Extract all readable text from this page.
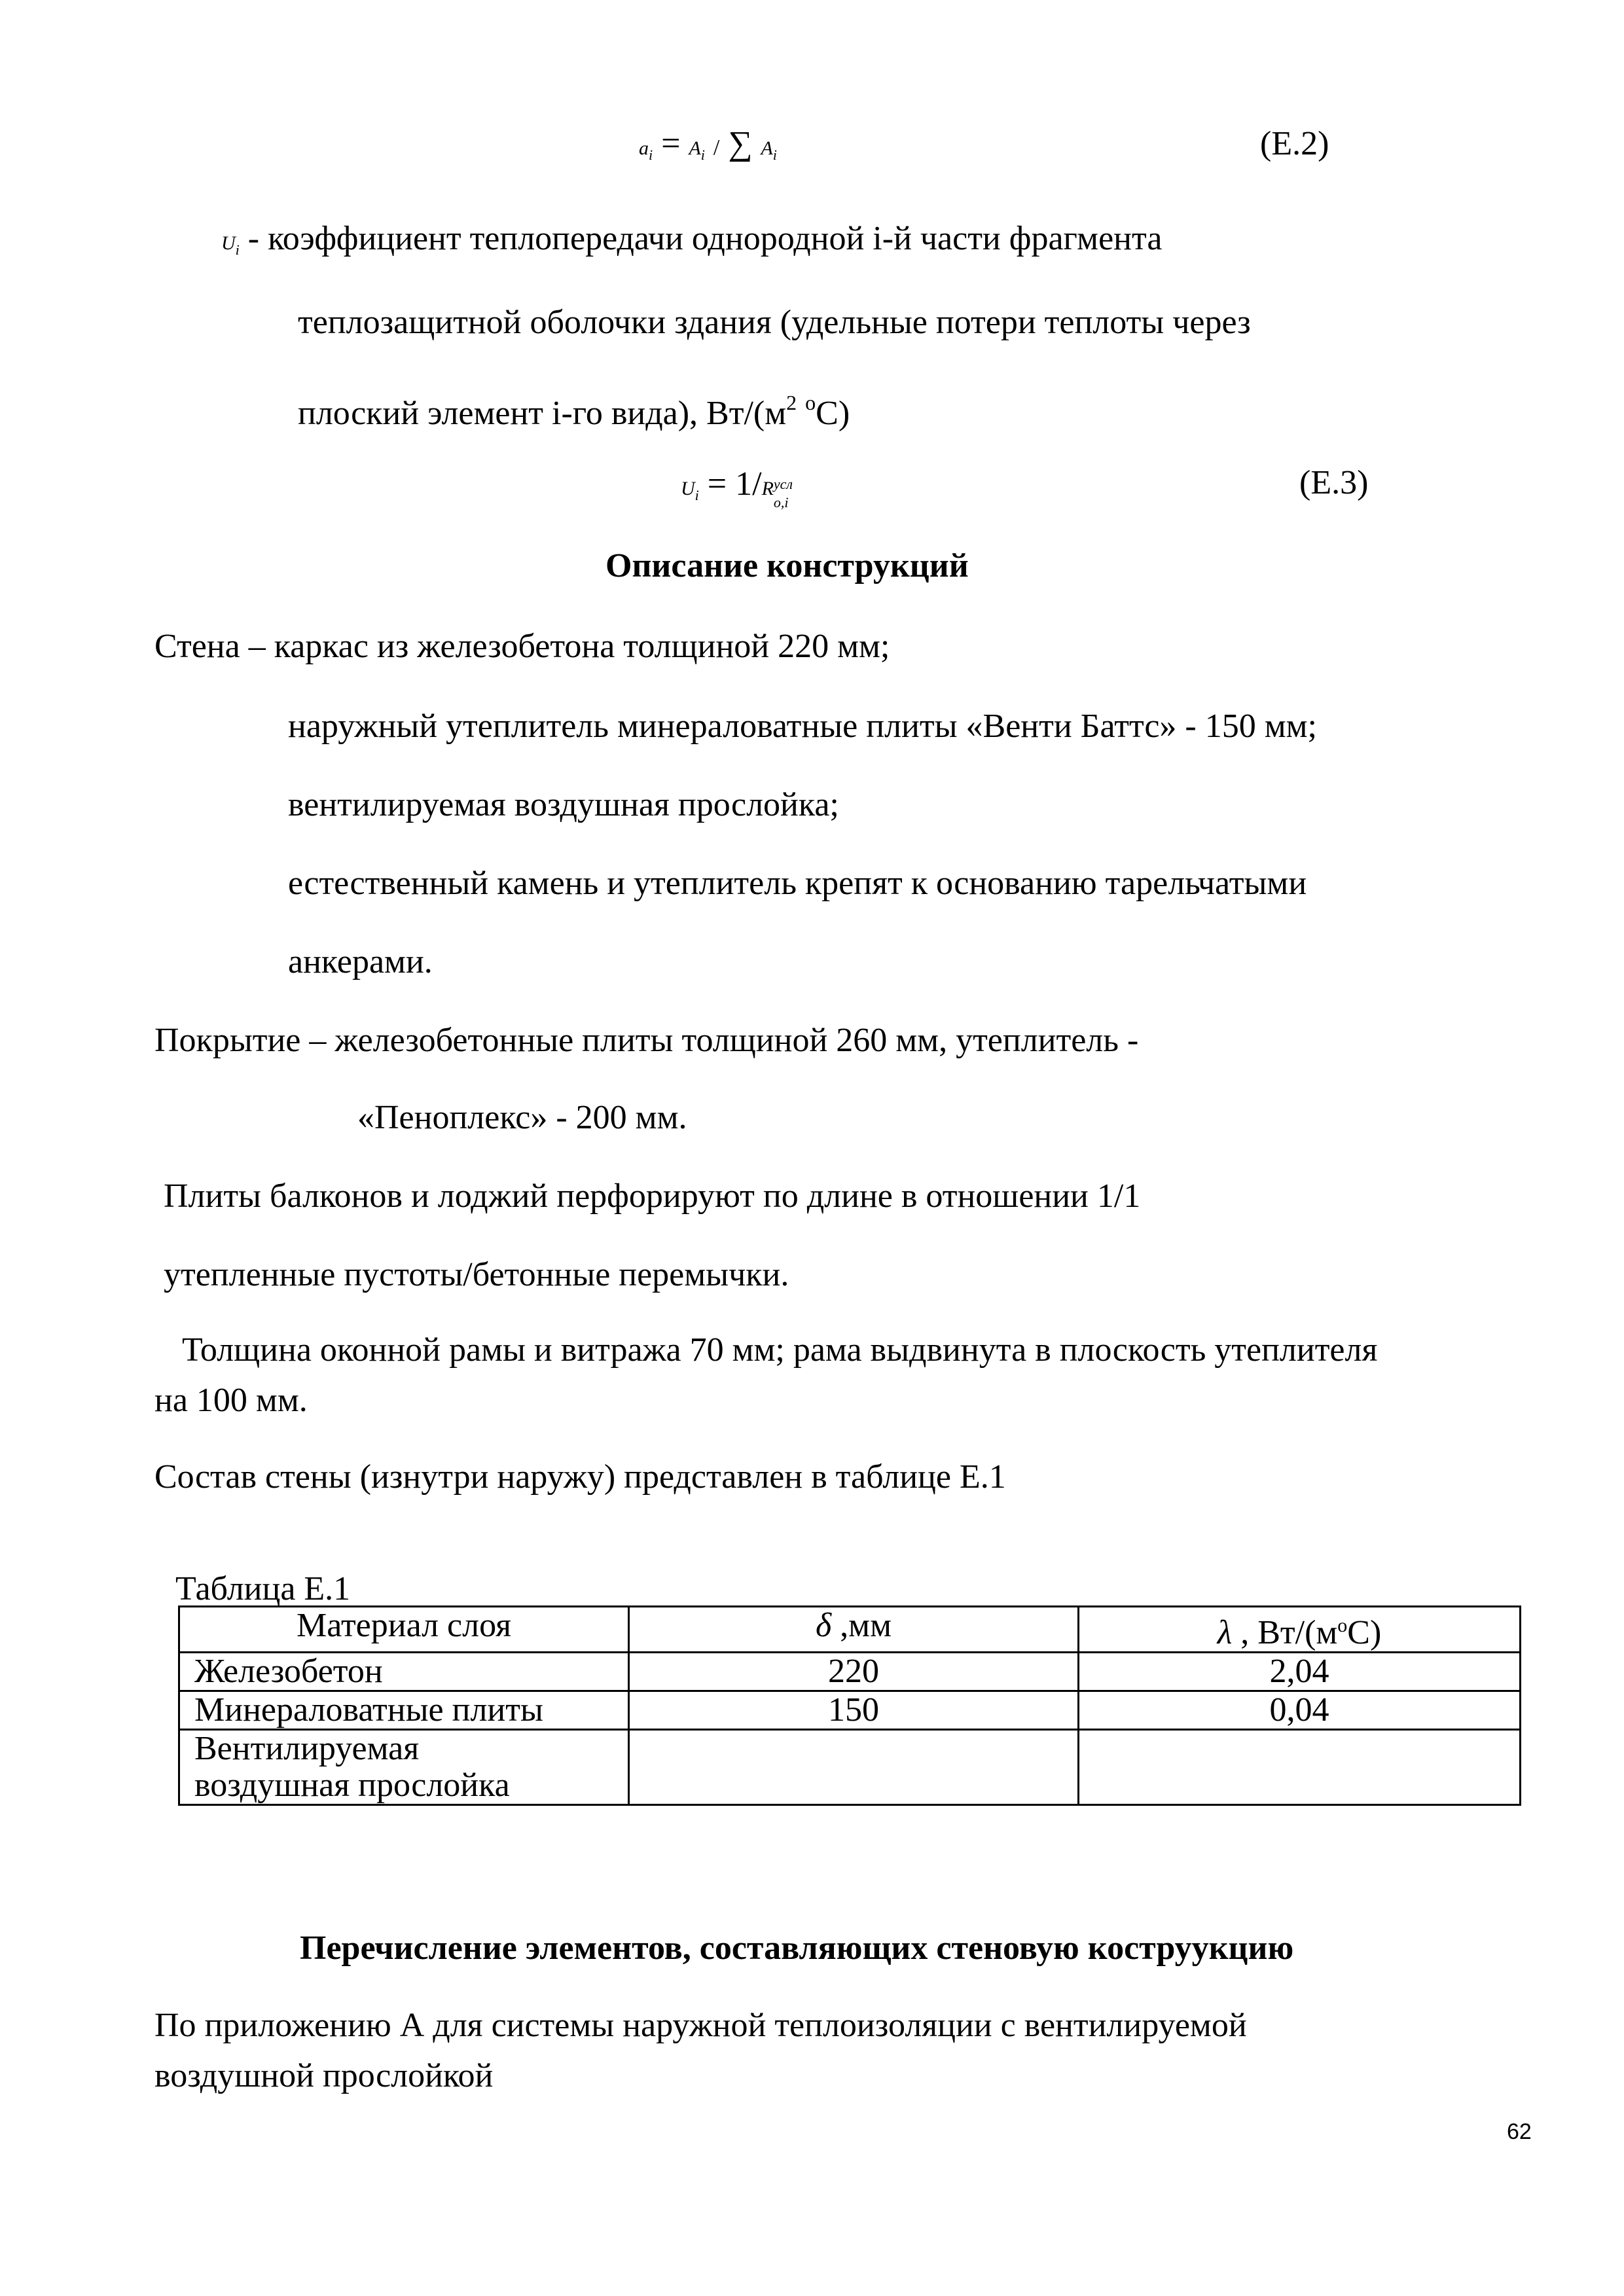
$a_i = A_i$ / ∑ $A_i$	(Е.2)
$U_i$ - коэффициент теплопередачи однородной i-й части фрагмента
теплозащитной оболочки здания (удельные потери теплоты через
плоский элемент i-го вида), $Вт/(м^2$ $^о$С)
$U_i = 1/R$ усл
o,i
(Е.3)
Описание конструкций
Стена – каркас из железобетона толщиной 220 мм;
наружный утеплитель минераловатные плиты «Венти Баттс» - 150 мм;
вентилируемая воздушная прослойка;
естественный камень и утеплитель крепят к основанию тарельчатыми
анкерами.
Покрытие – железобетонные плиты толщиной 260 мм, утеплитель -
«Пеноплекс» - 200 мм.
Плиты балконов и лоджий перфорируют по длине в отношении 1/1
утепленные пустоты/бетонные перемычки.
Толщина оконной рамы и витража 70 мм; рама выдвинута в плоскость утеплителя
на 100 мм.
Состав стены (изнутри наружу) представлен в таблице Е.1
Таблица Е.1
Материал слоя	δ ,мм	λ , $Вт/(м^оС)$
Железобетон	220	2,04
Минераловатные плиты	150	0,04

Вентилируемая
воздушная прослойка		

Перечисление элементов, составляющих стеновую коструукцию
По приложению А для системы наружной теплоизоляции с вентилируемой
воздушной прослойкой
62
